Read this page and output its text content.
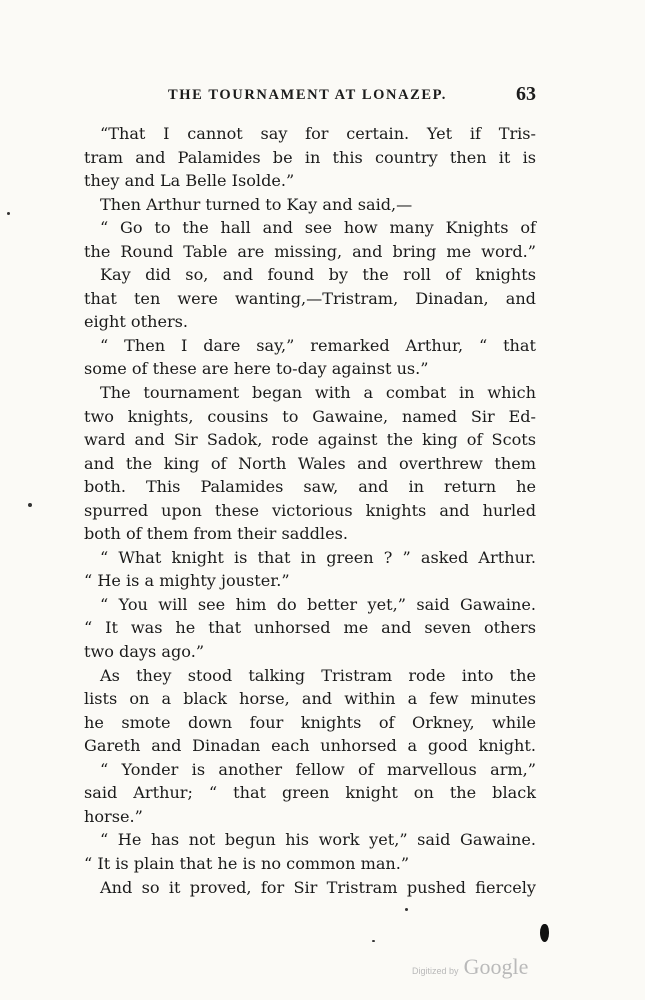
THE TOURNAMENT AT LONAZEP.	63
“That I cannot say for certain. Yet if Tris-
tram and Palamides be in this country then it is
they and La Belle Isolde.”
Then Arthur turned to Kay and said,—
“ Go to the hall and see how many Knights of
the Round Table are missing, and bring me word.”
Kay did so, and found by the roll of knights
that ten were wanting,—Tristram, Dinadan, and
eight others.
“ Then I dare say,” remarked Arthur, “ that
some of these are here to-day against us.”
The tournament began with a combat in which
two knights, cousins to Gawaine, named Sir Ed-
ward and Sir Sadok, rode against the king of Scots
and the king of North Wales and overthrew them
both. This Palamides saw, and in return he
spurred upon these victorious knights and hurled
both of them from their saddles.
“ What knight is that in green ? ” asked Arthur.
“ He is a mighty jouster.”
“ You will see him do better yet,” said Gawaine.
“ It was he that unhorsed me and seven others
two days ago.”
As they stood talking Tristram rode into the
lists on a black horse, and within a few minutes
he smote down four knights of Orkney, while
Gareth and Dinadan each unhorsed a good knight.
“ Yonder is another fellow of marvellous arm,”
said Arthur; “ that green knight on the black
horse.”
“ He has not begun his work yet,” said Gawaine.
“ It is plain that he is no common man.”
And so it proved, for Sir Tristram pushed fiercely
Digitized by Google
